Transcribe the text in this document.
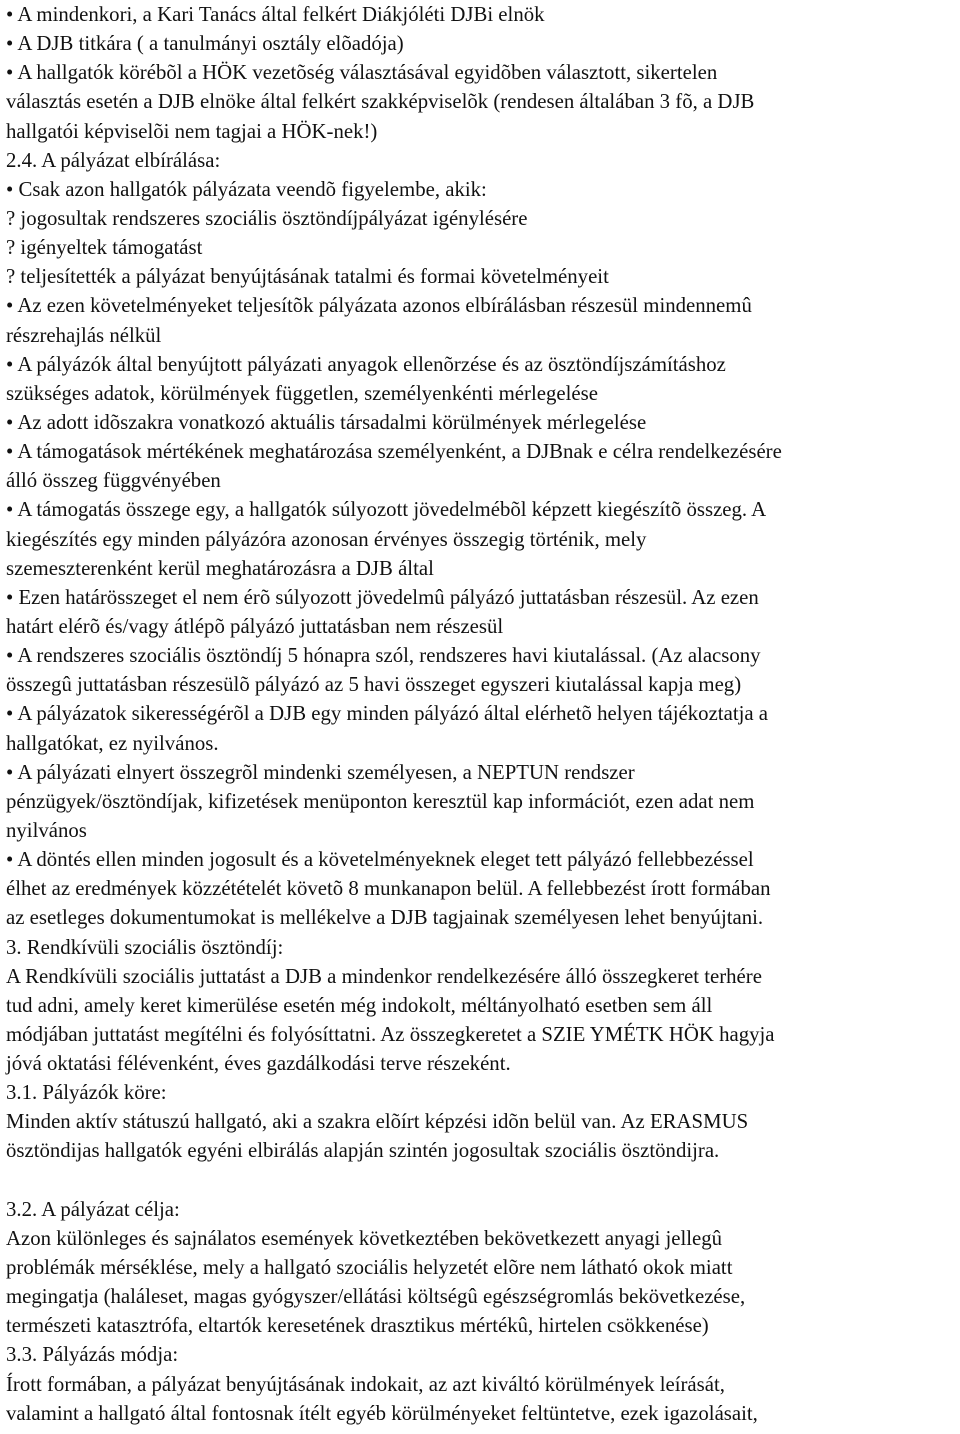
• A mindenkori, a Kari Tanács által felkért Diákjóléti DJBi elnök
• A DJB titkára ( a tanulmányi osztály elõadója)
• A hallgatók körébõl a HÖK vezetõség választásával egyidõben választott, sikertelen
választás esetén a DJB elnöke által felkért szakképviselõk (rendesen általában 3 fõ, a DJB
hallgatói képviselõi nem tagjai a HÖK-nek!)
2.4. A pályázat elbírálása:
• Csak azon hallgatók pályázata veendõ figyelembe, akik:
? jogosultak rendszeres szociális ösztöndíjpályázat igénylésére
? igényeltek támogatást
? teljesítették a pályázat benyújtásának tatalmi és formai követelményeit
• Az ezen követelményeket teljesítõk pályázata azonos elbírálásban részesül mindennemû
részrehajlás nélkül
• A pályázók által benyújtott pályázati anyagok ellenõrzése és az ösztöndíjszámításhoz
szükséges adatok, körülmények független, személyenkénti mérlegelése
• Az adott idõszakra vonatkozó aktuális társadalmi körülmények mérlegelése
• A támogatások mértékének meghatározása személyenként, a DJBnak e célra rendelkezésére
álló összeg függvényében
• A támogatás összege egy, a hallgatók súlyozott jövedelmébõl képzett kiegészítõ összeg. A
kiegészítés egy minden pályázóra azonosan érvényes összegig történik, mely
szemeszterenként kerül meghatározásra a DJB által
• Ezen határösszeget el nem érõ súlyozott jövedelmû pályázó juttatásban részesül. Az ezen
határt elérõ és/vagy átlépõ pályázó juttatásban nem részesül
• A rendszeres szociális ösztöndíj 5 hónapra szól, rendszeres havi kiutalással. (Az alacsony
összegû juttatásban részesülõ pályázó az 5 havi összeget egyszeri kiutalással kapja meg)
• A pályázatok sikerességérõl a DJB egy minden pályázó által elérhetõ helyen tájékoztatja a
hallgatókat, ez nyilvános.
• A pályázati elnyert összegrõl mindenki személyesen, a NEPTUN rendszer
pénzügyek/ösztöndíjak, kifizetések menüponton keresztül kap információt, ezen adat nem
nyilvános
• A döntés ellen minden jogosult és a követelményeknek eleget tett pályázó fellebbezéssel
élhet az eredmények közzétételét követõ 8 munkanapon belül. A fellebbezést írott formában
az esetleges dokumentumokat is mellékelve a DJB tagjainak személyesen lehet benyújtani.
3. Rendkívüli szociális ösztöndíj:
A Rendkívüli szociális juttatást a DJB a mindenkor rendelkezésére álló összegkeret terhére
tud adni, amely keret kimerülése esetén még indokolt, méltányolható esetben sem áll
módjában juttatást megítélni és folyósíttatni. Az összegkeretet a SZIE YMÉTK HÖK hagyja
jóvá oktatási félévenként, éves gazdálkodási terve részeként.
3.1. Pályázók köre:
Minden aktív státuszú hallgató, aki a szakra elõírt képzési idõn belül van. Az ERASMUS
ösztöndijas hallgatók egyéni elbirálás alapján szintén jogosultak szociális ösztöndijra.
3.2. A pályázat célja:
Azon különleges és sajnálatos események következtében bekövetkezett anyagi jellegû
problémák mérséklése, mely a hallgató szociális helyzetét elõre nem látható okok miatt
megingatja (haláleset, magas gyógyszer/ellátási költségû egészségromlás bekövetkezése,
természeti katasztrófa, eltartók keresetének drasztikus mértékû, hirtelen csökkenése)
3.3. Pályázás módja:
Írott formában, a pályázat benyújtásának indokait, az azt kiváltó körülmények leírását,
valamint a hallgató által fontosnak ítélt egyéb körülményeket feltüntetve, ezek igazolásait,
